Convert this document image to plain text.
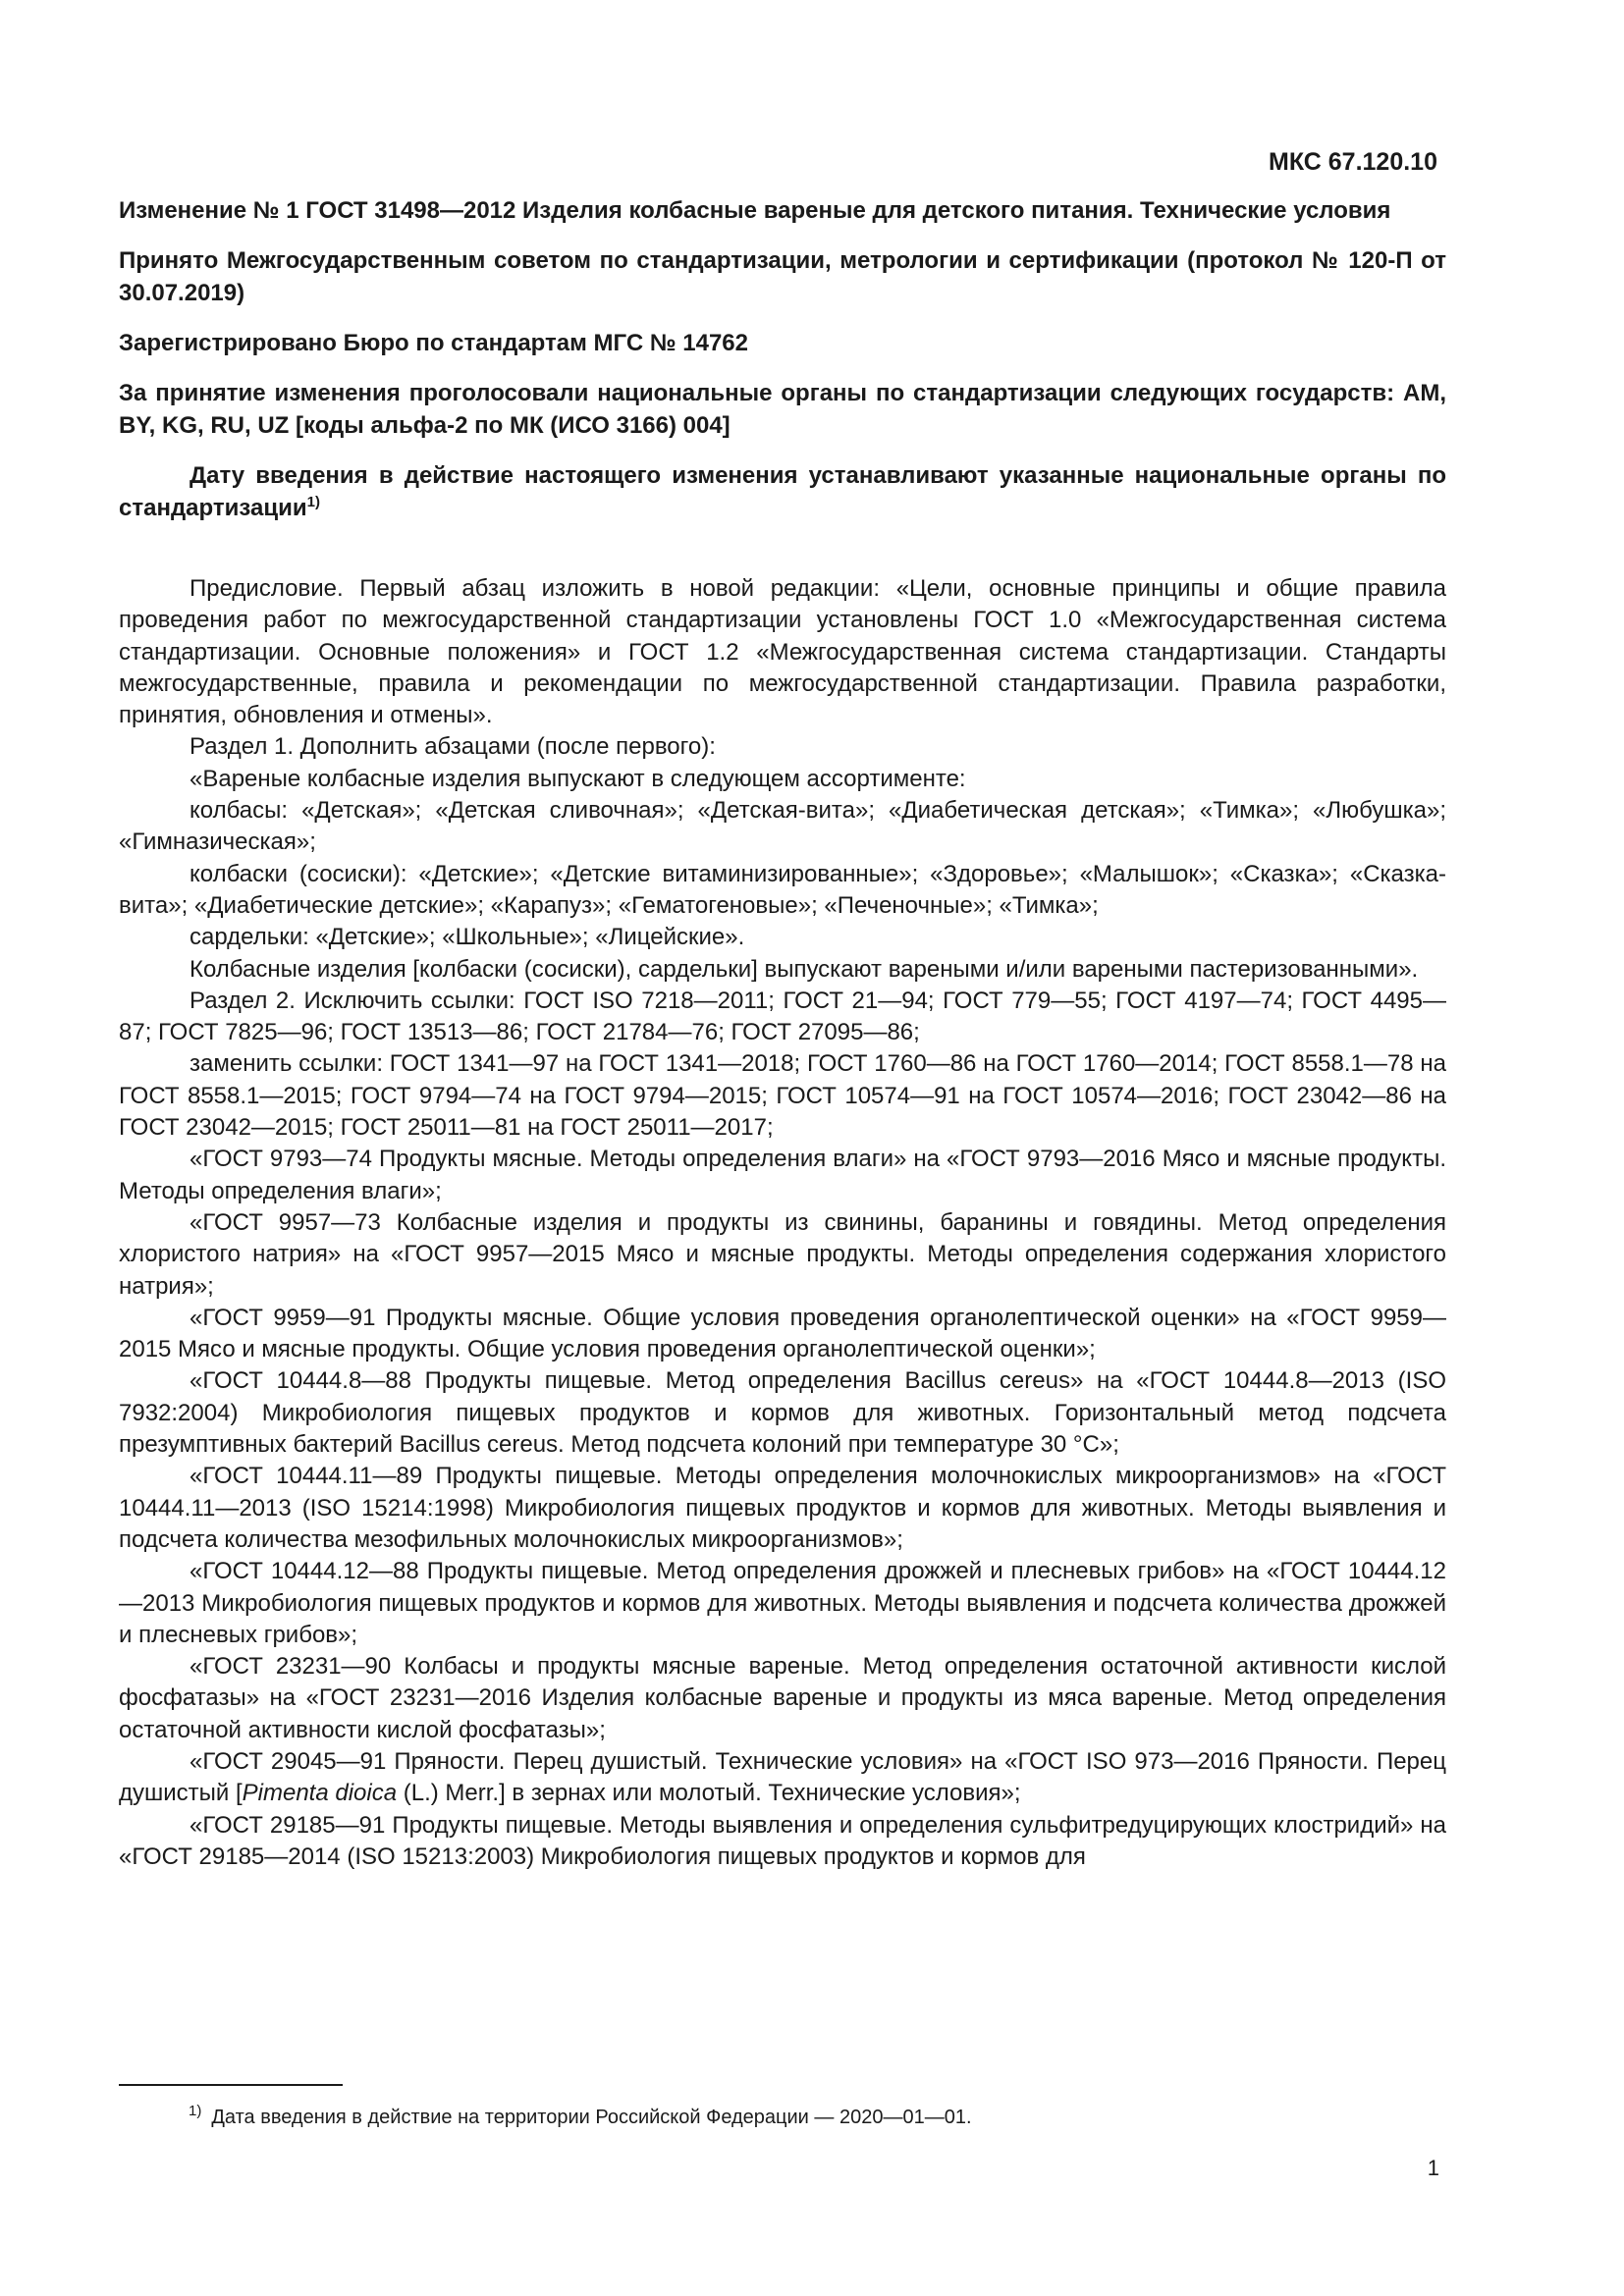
МКС 67.120.10

Изменение № 1 ГОСТ 31498—2012 Изделия колбасные вареные для детского питания. Технические условия

Принято Межгосударственным советом по стандартизации, метрологии и сертификации (протокол № 120-П от 30.07.2019)

Зарегистрировано Бюро по стандартам МГС № 14762

За принятие изменения проголосовали национальные органы по стандартизации следующих государств: AM, BY, KG, RU, UZ [коды альфа-2 по МК (ИСО 3166) 004]

Дату введения в действие настоящего изменения устанавливают указанные национальные органы по стандартизации$^{1)}$

Предисловие. Первый абзац изложить в новой редакции: «Цели, основные принципы и общие правила проведения работ по межгосударственной стандартизации установлены ГОСТ 1.0 «Межгосударственная система стандартизации. Основные положения» и ГОСТ 1.2 «Межгосударственная система стандартизации. Стандарты межгосударственные, правила и рекомендации по межгосударственной стандартизации. Правила разработки, принятия, обновления и отмены».

Раздел 1. Дополнить абзацами (после первого):

«Вареные колбасные изделия выпускают в следующем ассортименте:

колбасы: «Детская»; «Детская сливочная»; «Детская-вита»; «Диабетическая детская»; «Тимка»; «Любушка»; «Гимназическая»;

колбаски (сосиски): «Детские»; «Детские витаминизированные»; «Здоровье»; «Малышок»; «Сказка»; «Сказка-вита»; «Диабетические детские»; «Карапуз»; «Гематогеновые»; «Печеночные»; «Тимка»;

сардельки: «Детские»; «Школьные»; «Лицейские».

Колбасные изделия [колбаски (сосиски), сардельки] выпускают вареными и/или вареными пастеризованными».

Раздел 2. Исключить ссылки: ГОСТ ISO 7218—2011; ГОСТ 21—94; ГОСТ 779—55; ГОСТ 4197—74; ГОСТ 4495—87; ГОСТ 7825—96; ГОСТ 13513—86; ГОСТ 21784—76; ГОСТ 27095—86;

заменить ссылки: ГОСТ 1341—97 на ГОСТ 1341—2018; ГОСТ 1760—86 на ГОСТ 1760—2014; ГОСТ 8558.1—78 на ГОСТ 8558.1—2015; ГОСТ 9794—74 на ГОСТ 9794—2015; ГОСТ 10574—91 на ГОСТ 10574—2016; ГОСТ 23042—86 на ГОСТ 23042—2015; ГОСТ 25011—81 на ГОСТ 25011—2017;

«ГОСТ 9793—74 Продукты мясные. Методы определения влаги» на «ГОСТ 9793—2016 Мясо и мясные продукты. Методы определения влаги»;

«ГОСТ 9957—73 Колбасные изделия и продукты из свинины, баранины и говядины. Метод определения хлористого натрия» на «ГОСТ 9957—2015 Мясо и мясные продукты. Методы определения содержания хлористого натрия»;

«ГОСТ 9959—91 Продукты мясные. Общие условия проведения органолептической оценки» на «ГОСТ 9959—2015 Мясо и мясные продукты. Общие условия проведения органолептической оценки»;

«ГОСТ 10444.8—88 Продукты пищевые. Метод определения Bacillus cereus» на «ГОСТ 10444.8—2013 (ISO 7932:2004) Микробиология пищевых продуктов и кормов для животных. Горизонтальный метод подсчета презумптивных бактерий Bacillus cereus. Метод подсчета колоний при температуре 30 °С»;

«ГОСТ 10444.11—89 Продукты пищевые. Методы определения молочнокислых микроорганизмов» на «ГОСТ 10444.11—2013 (ISO 15214:1998) Микробиология пищевых продуктов и кормов для животных. Методы выявления и подсчета количества мезофильных молочнокислых микроорганизмов»;

«ГОСТ 10444.12—88 Продукты пищевые. Метод определения дрожжей и плесневых грибов» на «ГОСТ 10444.12—2013 Микробиология пищевых продуктов и кормов для животных. Методы выявления и подсчета количества дрожжей и плесневых грибов»;

«ГОСТ 23231—90 Колбасы и продукты мясные вареные. Метод определения остаточной активности кислой фосфатазы» на «ГОСТ 23231—2016 Изделия колбасные вареные и продукты из мяса вареные. Метод определения остаточной активности кислой фосфатазы»;

«ГОСТ 29045—91 Пряности. Перец душистый. Технические условия» на «ГОСТ ISO 973—2016 Пряности. Перец душистый [Pimenta dioica (L.) Merr.] в зернах или молотый. Технические условия»;

«ГОСТ 29185—91 Продукты пищевые. Методы выявления и определения сульфитредуцирующих клостридий» на «ГОСТ 29185—2014 (ISO 15213:2003) Микробиология пищевых продуктов и кормов для

$^{1)}$ Дата введения в действие на территории Российской Федерации — 2020—01—01.

1
